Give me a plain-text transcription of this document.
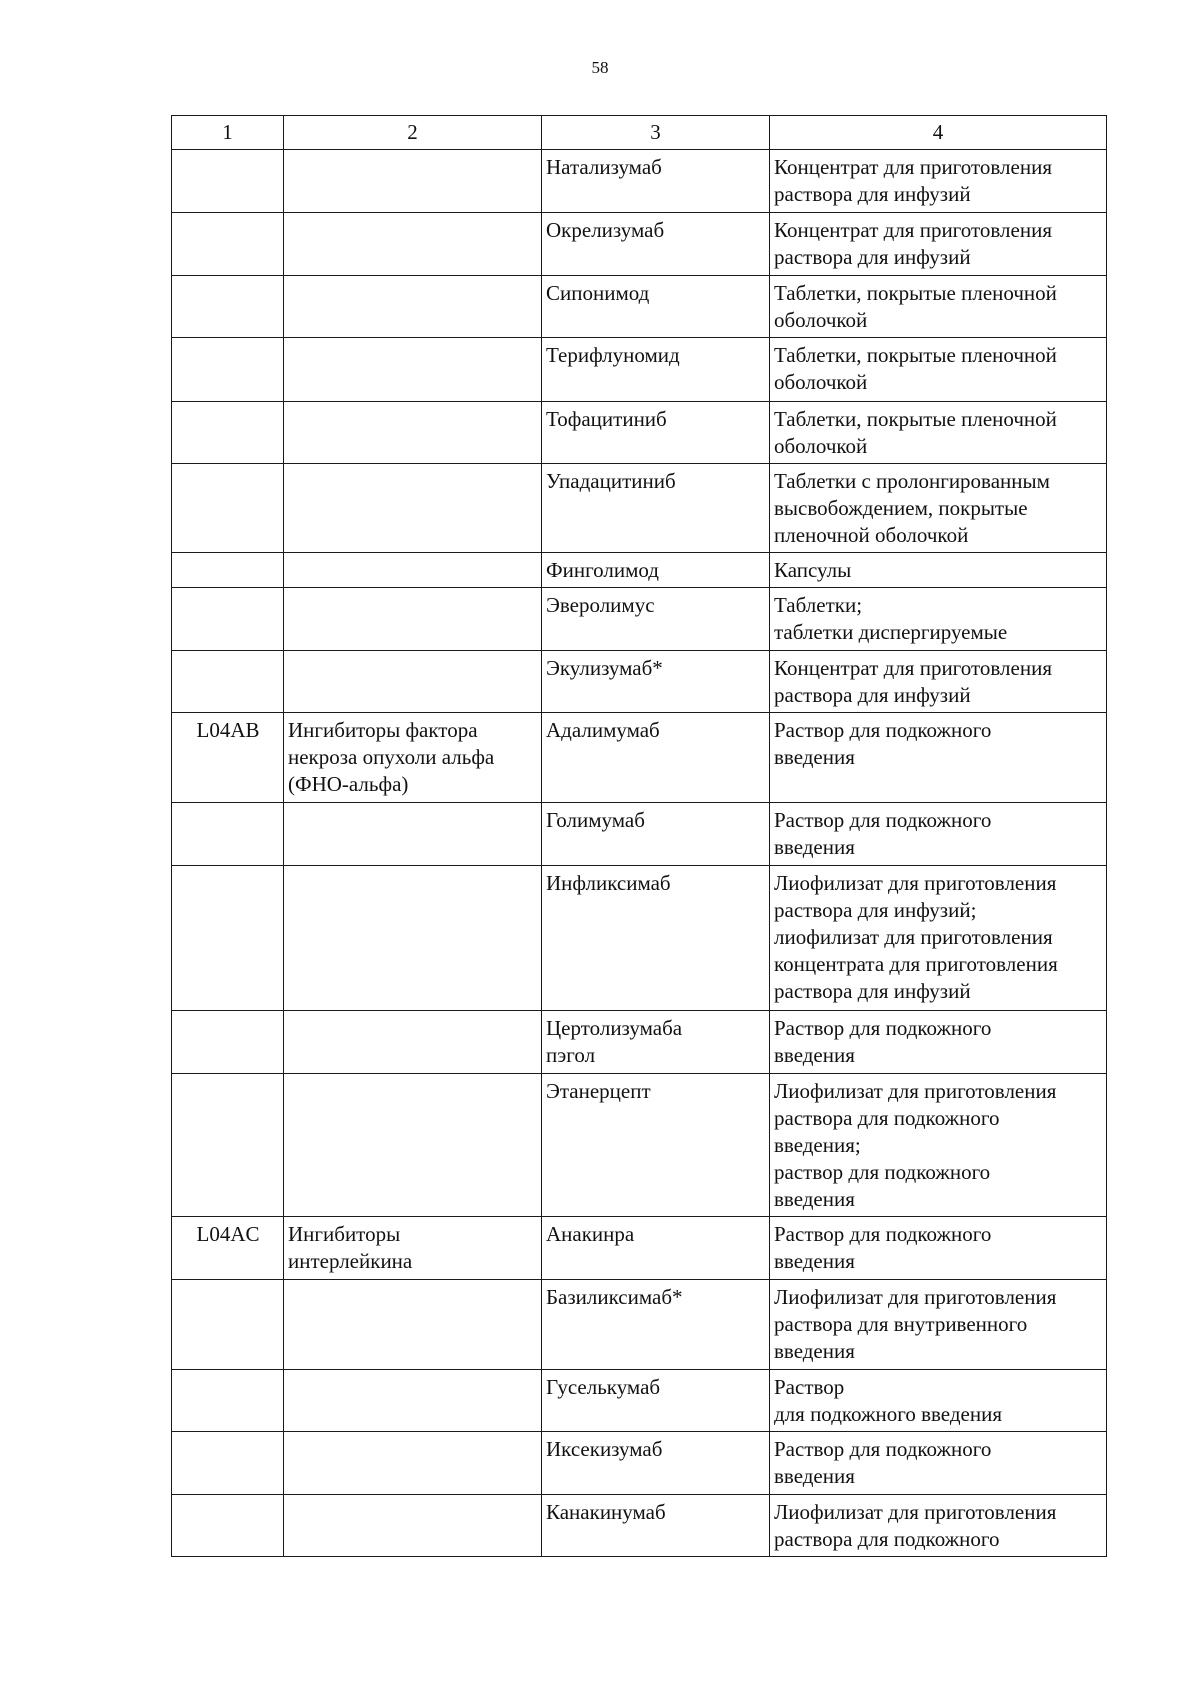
58
1	2	3	4

		Натализумаб	Концентрат для приготовления
раствора для инфузий

		Окрелизумаб	Концентрат для приготовления
раствора для инфузий

		Сипонимод	Таблетки, покрытые пленочной
оболочкой

		Терифлуномид	Таблетки, покрытые пленочной
оболочкой

		Тофацитиниб	Таблетки, покрытые пленочной
оболочкой

		Упадацитиниб	Таблетки с пролонгированным
высвобождением, покрытые
пленочной оболочкой

		Финголимод	Капсулы

		Эверолимус	Таблетки;
таблетки диспергируемые

		Экулизумаб*	Концентрат для приготовления
раствора для инфузий

L04AB	Ингибиторы фактора
некроза опухоли альфа
(ФНО-альфа)	Адалимумаб	Раствор для подкожного
введения

		Голимумаб	Раствор для подкожного
введения

		Инфликсимаб	Лиофилизат для приготовления
раствора для инфузий;
лиофилизат для приготовления
концентрата для приготовления
раствора для инфузий

		Цертолизумаба
пэгол	Раствор для подкожного
введения

		Этанерцепт	Лиофилизат для приготовления
раствора для подкожного
введения;
раствор для подкожного
введения

L04AC	Ингибиторы
интерлейкина	Анакинра	Раствор для подкожного
введения

		Базиликсимаб*	Лиофилизат для приготовления
раствора для внутривенного
введения

		Гуселькумаб	Раствор
для подкожного введения

		Иксекизумаб	Раствор для подкожного
введения

		Канакинумаб	Лиофилизат для приготовления
раствора для подкожного
